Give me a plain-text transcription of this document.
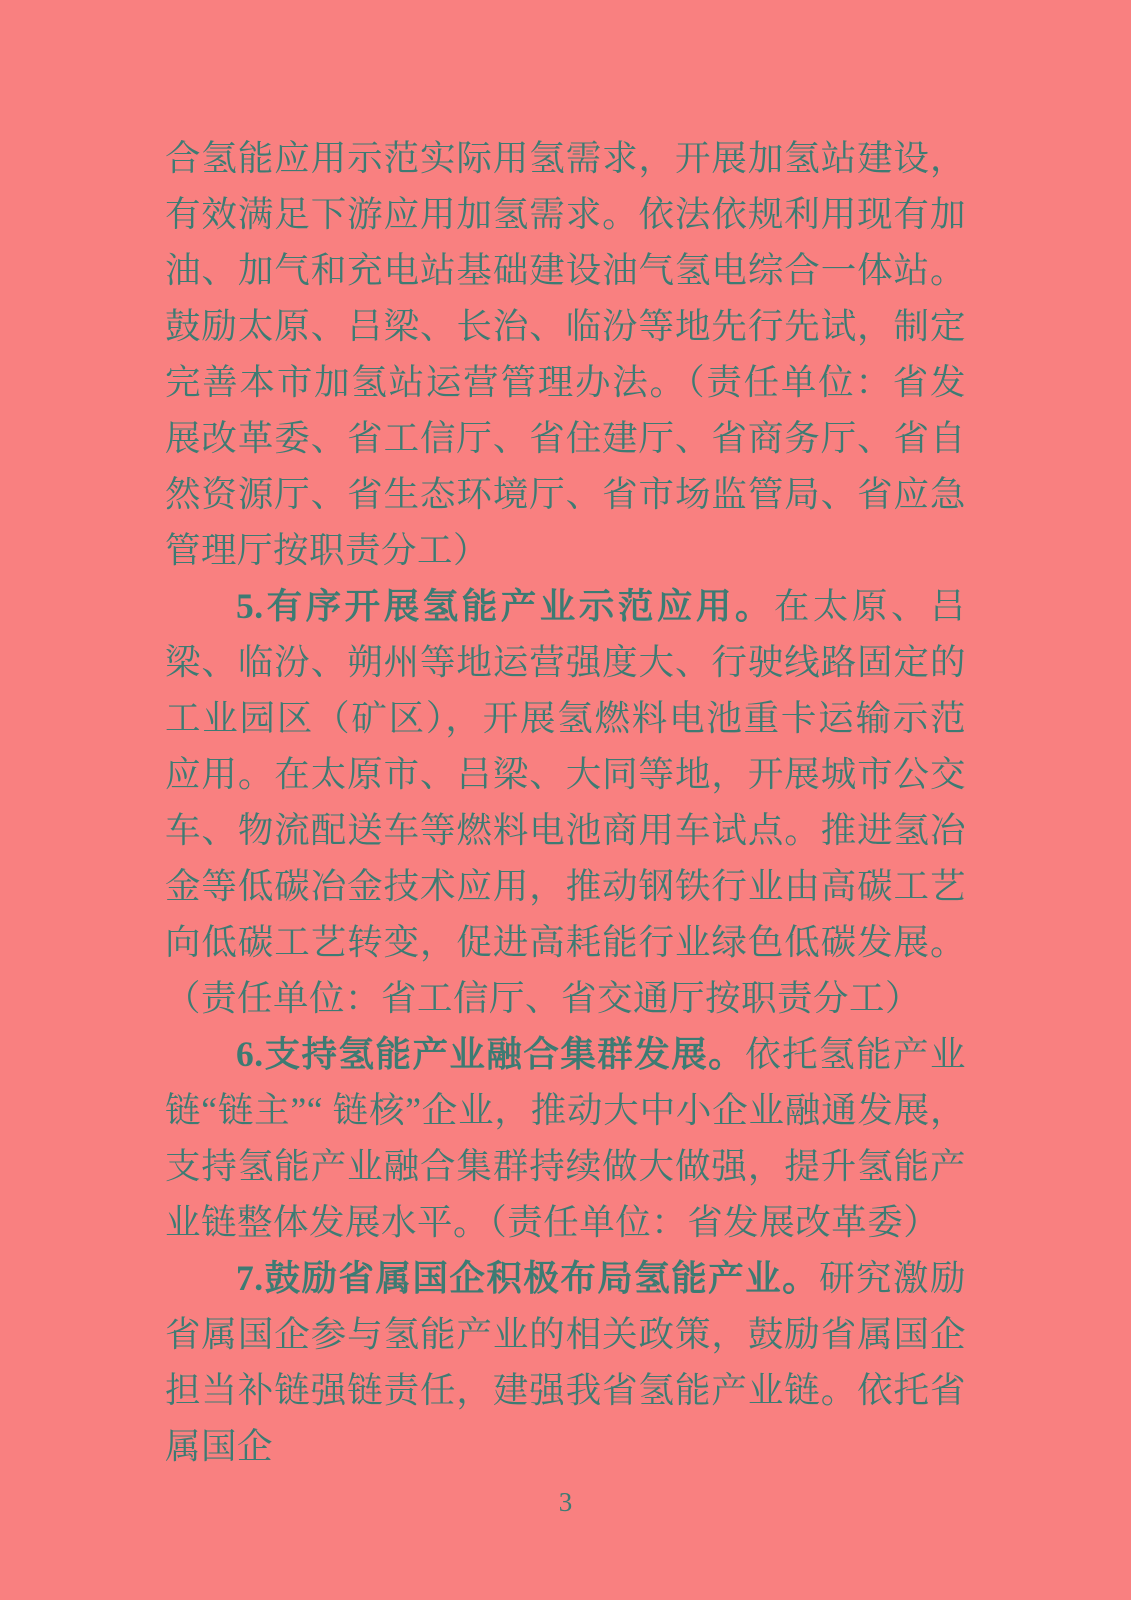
合氢能应用示范实际用氢需求，开展加氢站建设，有效满足下游应用加氢需求。依法依规利用现有加油、加气和充电站基础建设油气氢电综合一体站。鼓励太原、吕梁、长治、临汾等地先行先试，制定完善本市加氢站运营管理办法。（责任单位：省发展改革委、省工信厅、省住建厅、省商务厅、省自然资源厅、省生态环境厅、省市场监管局、省应急管理厅按职责分工）

5.有序开展氢能产业示范应用。在太原、吕梁、临汾、朔州等地运营强度大、行驶线路固定的工业园区（矿区），开展氢燃料电池重卡运输示范应用。在太原市、吕梁、大同等地，开展城市公交车、物流配送车等燃料电池商用车试点。推进氢冶金等低碳冶金技术应用，推动钢铁行业由高碳工艺向低碳工艺转变，促进高耗能行业绿色低碳发展。（责任单位：省工信厅、省交通厅按职责分工）

6.支持氢能产业融合集群发展。依托氢能产业链“链主”“ 链核”企业，推动大中小企业融通发展，支持氢能产业融合集群持续做大做强，提升氢能产业链整体发展水平。（责任单位：省发展改革委）

7.鼓励省属国企积极布局氢能产业。研究激励省属国企参与氢能产业的相关政策，鼓励省属国企担当补链强链责任，建强我省氢能产业链。依托省属国企

3
